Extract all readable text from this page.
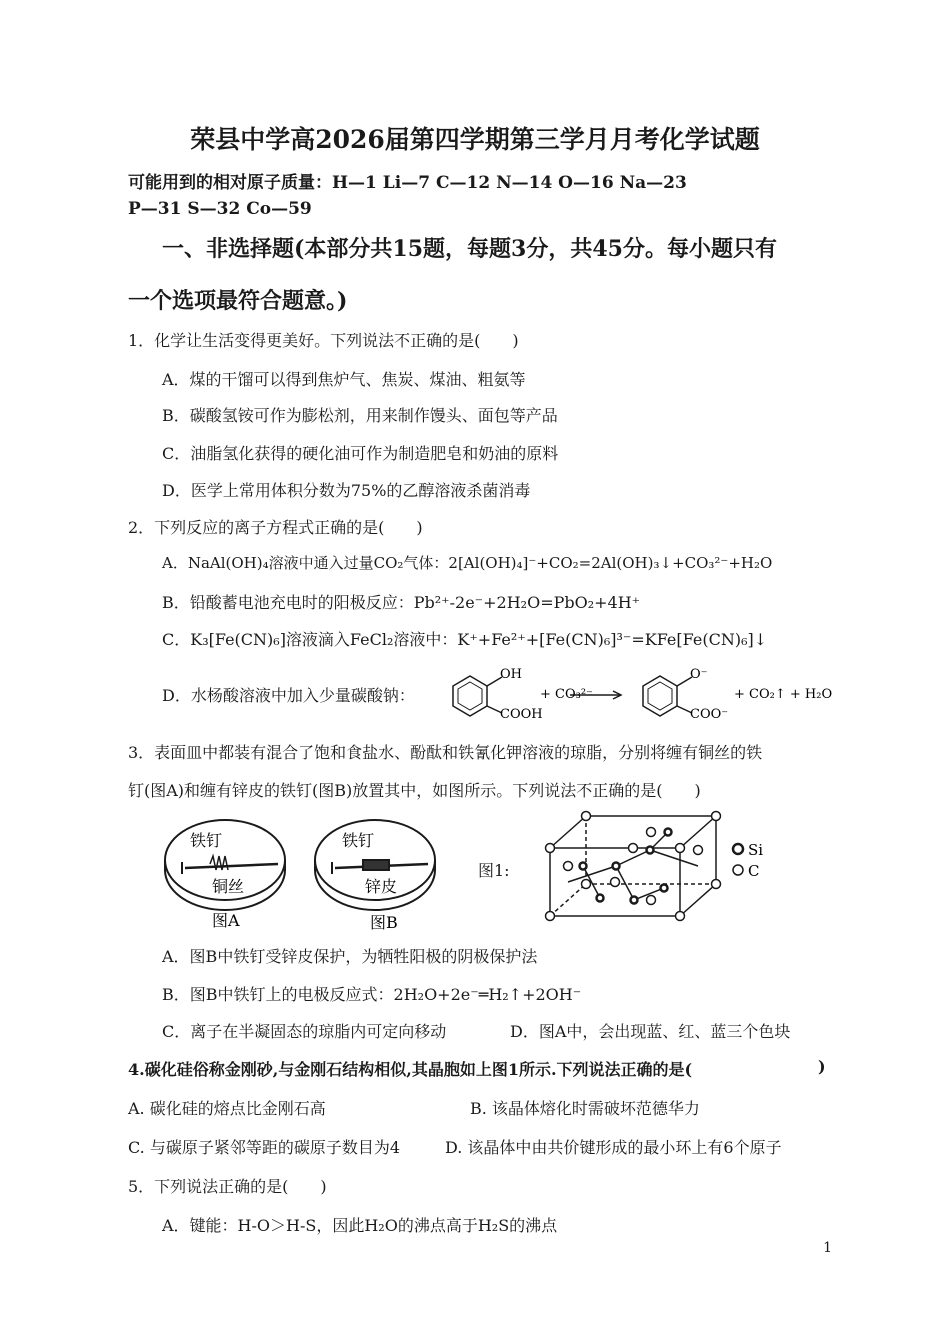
荣县中学高2026届第四学期第三学月月考化学试题
可能用到的相对原子质量：H—1 Li—7 C—12 N—14 O—16 Na—23
P—31 S—32 Co—59
一、非选择题(本部分共15题，每题3分，共45分。每小题只有
一个选项最符合题意。)
1．化学让生活变得更美好。下列说法不正确的是(　　)
A．煤的干馏可以得到焦炉气、焦炭、煤油、粗氨等
B．碳酸氢铵可作为膨松剂，用来制作馒头、面包等产品
C．油脂氢化获得的硬化油可作为制造肥皂和奶油的原料
D．医学上常用体积分数为75%的乙醇溶液杀菌消毒
2．下列反应的离子方程式正确的是(　　)
A．NaAl(OH)₄溶液中通入过量CO₂气体：2[Al(OH)₄]⁻+CO₂=2Al(OH)₃↓+CO₃²⁻+H₂O
B．铅酸蓄电池充电时的阳极反应：Pb²⁺-2e⁻+2H₂O=PbO₂+4H⁺
C．K₃[Fe(CN)₆]溶液滴入FeCl₂溶液中：K⁺+Fe²⁺+[Fe(CN)₆]³⁻=KFe[Fe(CN)₆]↓
D．水杨酸溶液中加入少量碳酸钠：
OH
COOH
+ CO₃²⁻
O⁻
COO⁻
+ CO₂↑ + H₂O
3．表面皿中都装有混合了饱和食盐水、酚酞和铁氰化钾溶液的琼脂，分别将缠有铜丝的铁
钉(图A)和缠有锌皮的铁钉(图B)放置其中，如图所示。下列说法不正确的是(　　)
铁钉
铜丝
图A
铁钉
锌皮
图B
图1:
Si
C
A．图B中铁钉受锌皮保护，为牺牲阳极的阴极保护法
B．图B中铁钉上的电极反应式：2H₂O+2e⁻═H₂↑+2OH⁻
C．离子在半凝固态的琼脂内可定向移动	D．图A中，会出现蓝、红、蓝三个色块
4.碳化硅俗称金刚砂,与金刚石结构相似,其晶胞如上图1所示.下列说法正确的是(	)
A. 碳化硅的熔点比金刚石高	B. 该晶体熔化时需破坏范德华力
C. 与碳原子紧邻等距的碳原子数目为4	D. 该晶体中由共价键形成的最小环上有6个原子
5．下列说法正确的是(　　)
A．键能：H-O＞H-S，因此H₂O的沸点高于H₂S的沸点
1
